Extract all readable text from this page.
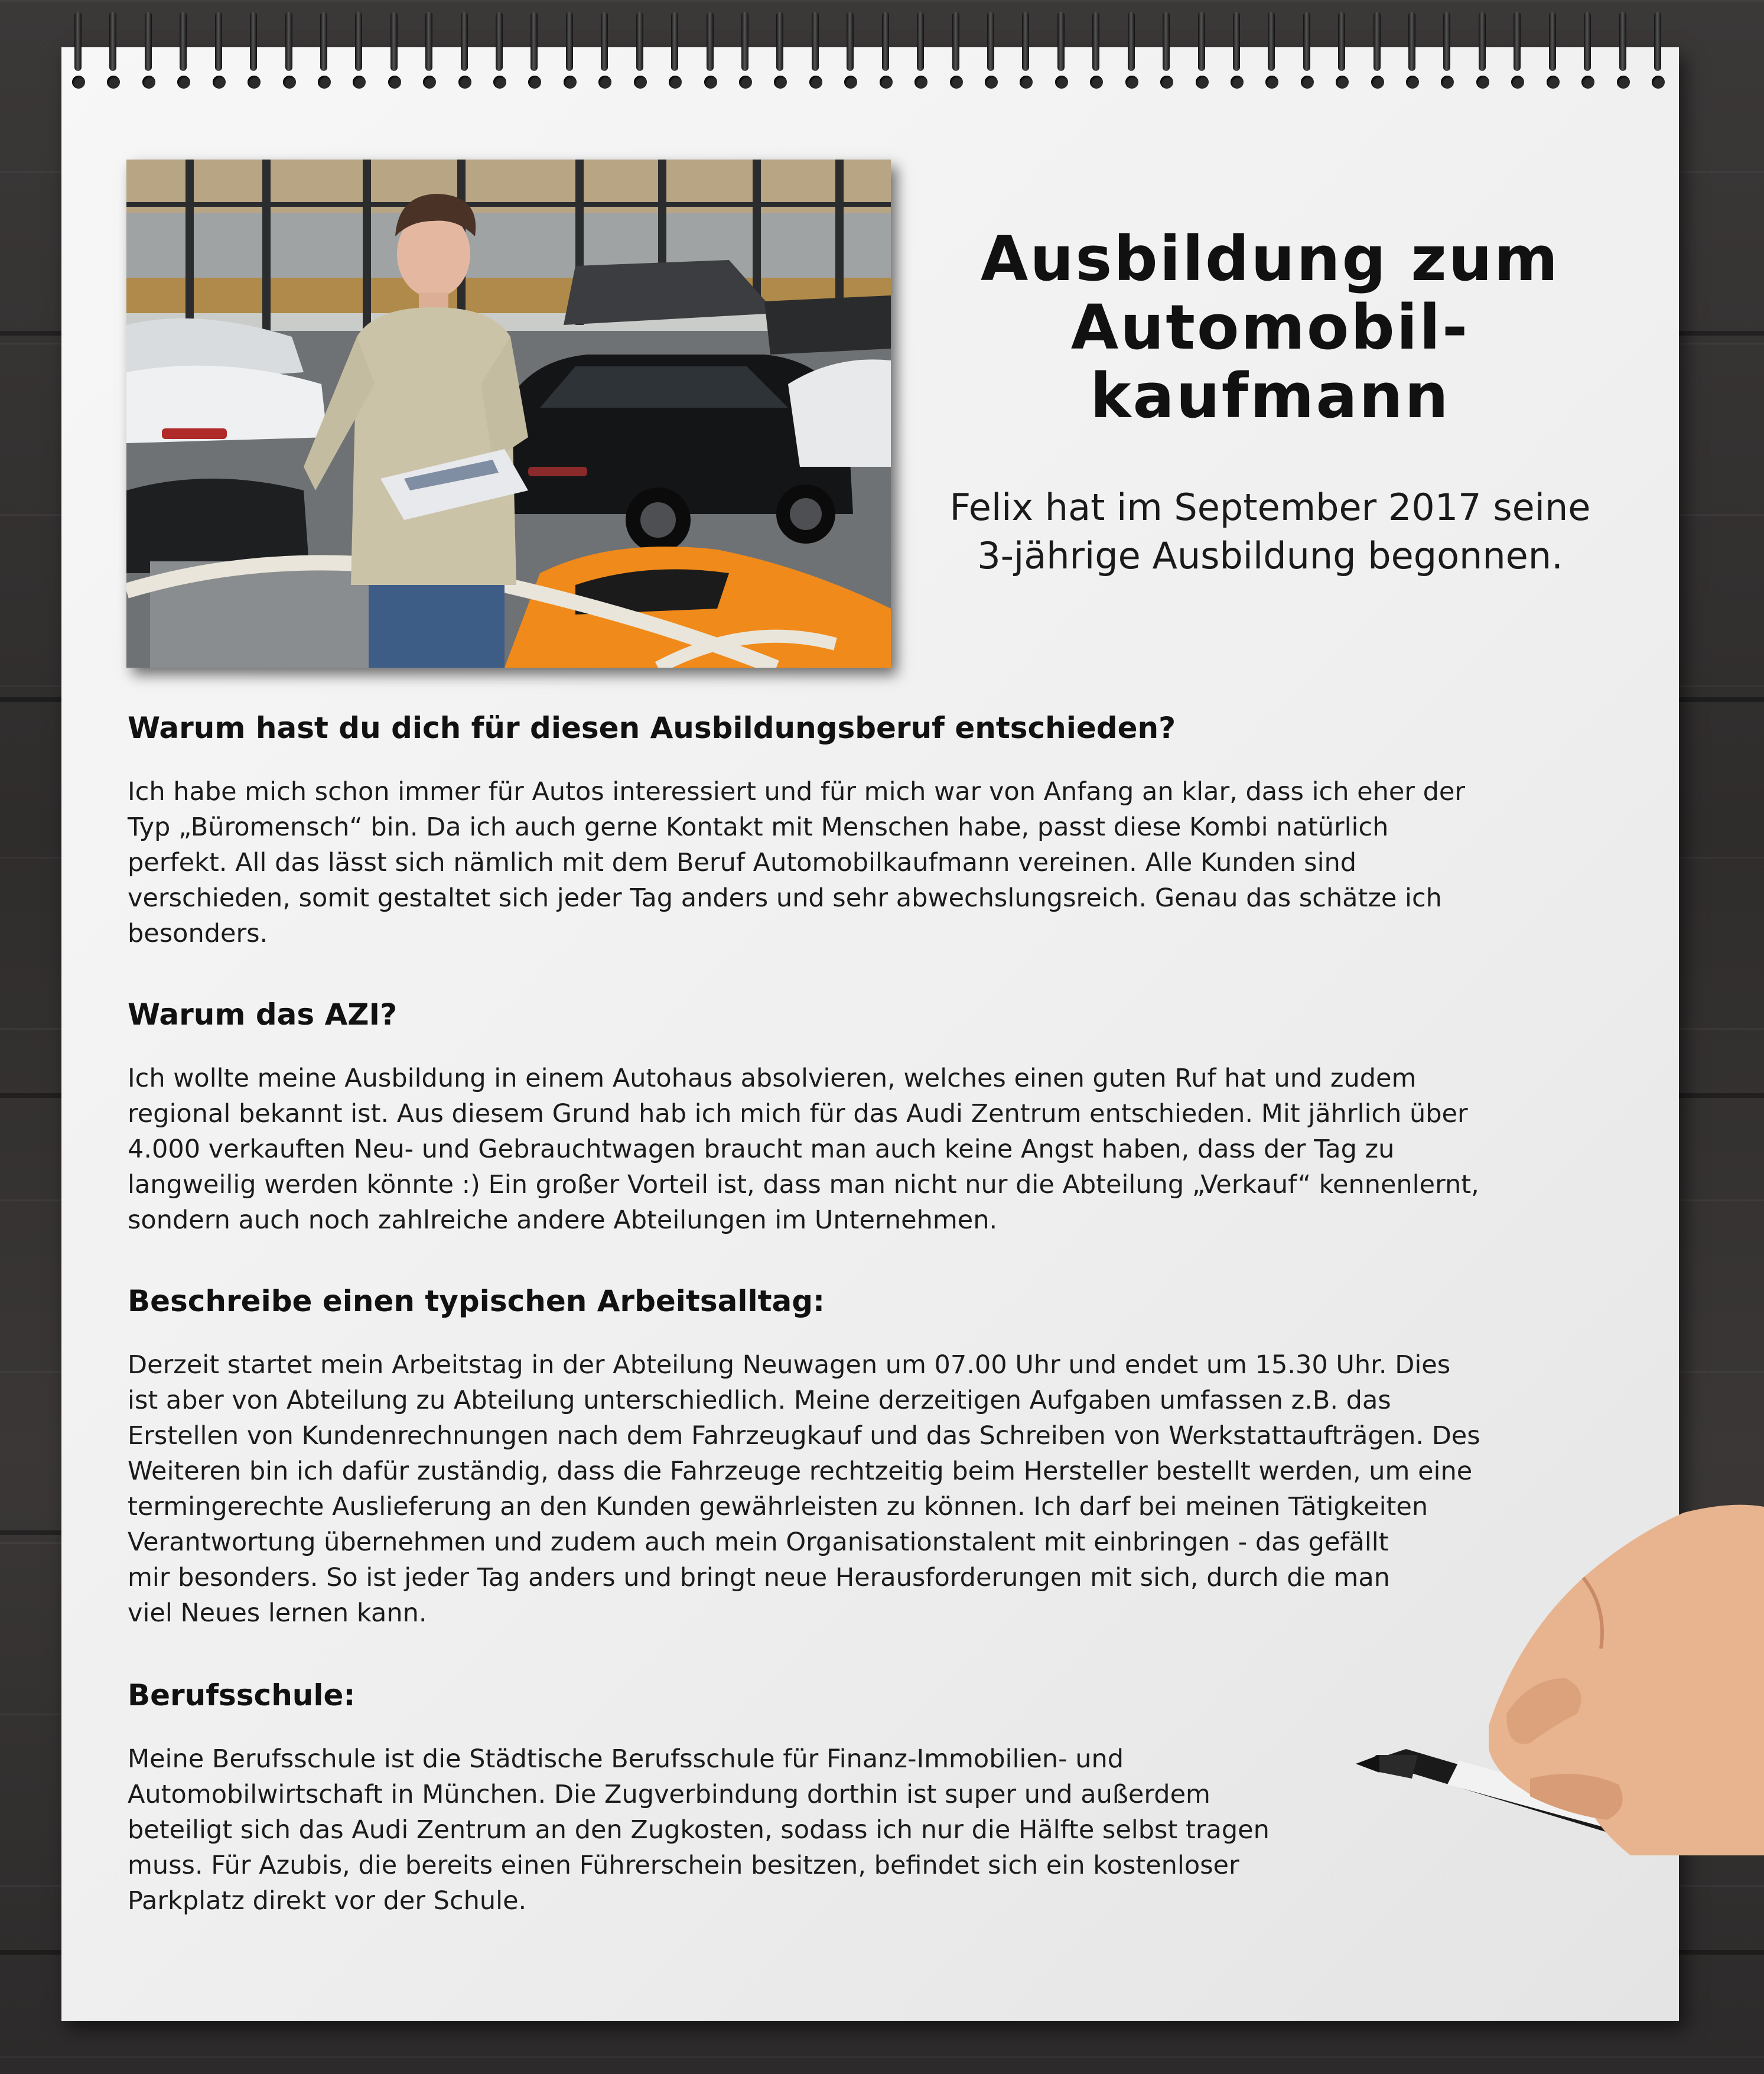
Ausbildung zum
Automobil-
kaufmann

Felix hat im September 2017 seine
3-jährige Ausbildung begonnen.

Warum hast du dich für diesen Ausbildungsberuf entschieden?

Ich habe mich schon immer für Autos interessiert und für mich war von Anfang an klar, dass ich eher der
Typ „Büromensch“ bin. Da ich auch gerne Kontakt mit Menschen habe, passt diese Kombi natürlich
perfekt. All das lässt sich nämlich mit dem Beruf Automobilkaufmann vereinen. Alle Kunden sind
verschieden, somit gestaltet sich jeder Tag anders und sehr abwechslungsreich. Genau das schätze ich
besonders.

Warum das AZI?

Ich wollte meine Ausbildung in einem Autohaus absolvieren, welches einen guten Ruf hat und zudem
regional bekannt ist. Aus diesem Grund hab ich mich für das Audi Zentrum entschieden. Mit jährlich über
4.000 verkauften Neu- und Gebrauchtwagen braucht man auch keine Angst haben, dass der Tag zu
langweilig werden könnte :) Ein großer Vorteil ist, dass man nicht nur die Abteilung „Verkauf“ kennenlernt,
sondern auch noch zahlreiche andere Abteilungen im Unternehmen.

Beschreibe einen typischen Arbeitsalltag:

Derzeit startet mein Arbeitstag in der Abteilung Neuwagen um 07.00 Uhr und endet um 15.30 Uhr. Dies
ist aber von Abteilung zu Abteilung unterschiedlich. Meine derzeitigen Aufgaben umfassen z.B. das
Erstellen von Kundenrechnungen nach dem Fahrzeugkauf und das Schreiben von Werkstattaufträgen. Des
Weiteren bin ich dafür zuständig, dass die Fahrzeuge rechtzeitig beim Hersteller bestellt werden, um eine
termingerechte Auslieferung an den Kunden gewährleisten zu können. Ich darf bei meinen Tätigkeiten
Verantwortung übernehmen und zudem auch mein Organisationstalent mit einbringen - das gefällt
mir besonders. So ist jeder Tag anders und bringt neue Herausforderungen mit sich, durch die man
viel Neues lernen kann.

Berufsschule:

Meine Berufsschule ist die Städtische Berufsschule für Finanz-Immobilien- und
Automobilwirtschaft in München. Die Zugverbindung dorthin ist super und außerdem
beteiligt sich das Audi Zentrum an den Zugkosten, sodass ich nur die Hälfte selbst tragen
muss. Für Azubis, die bereits einen Führerschein besitzen, befindet sich ein kostenloser
Parkplatz direkt vor der Schule.
